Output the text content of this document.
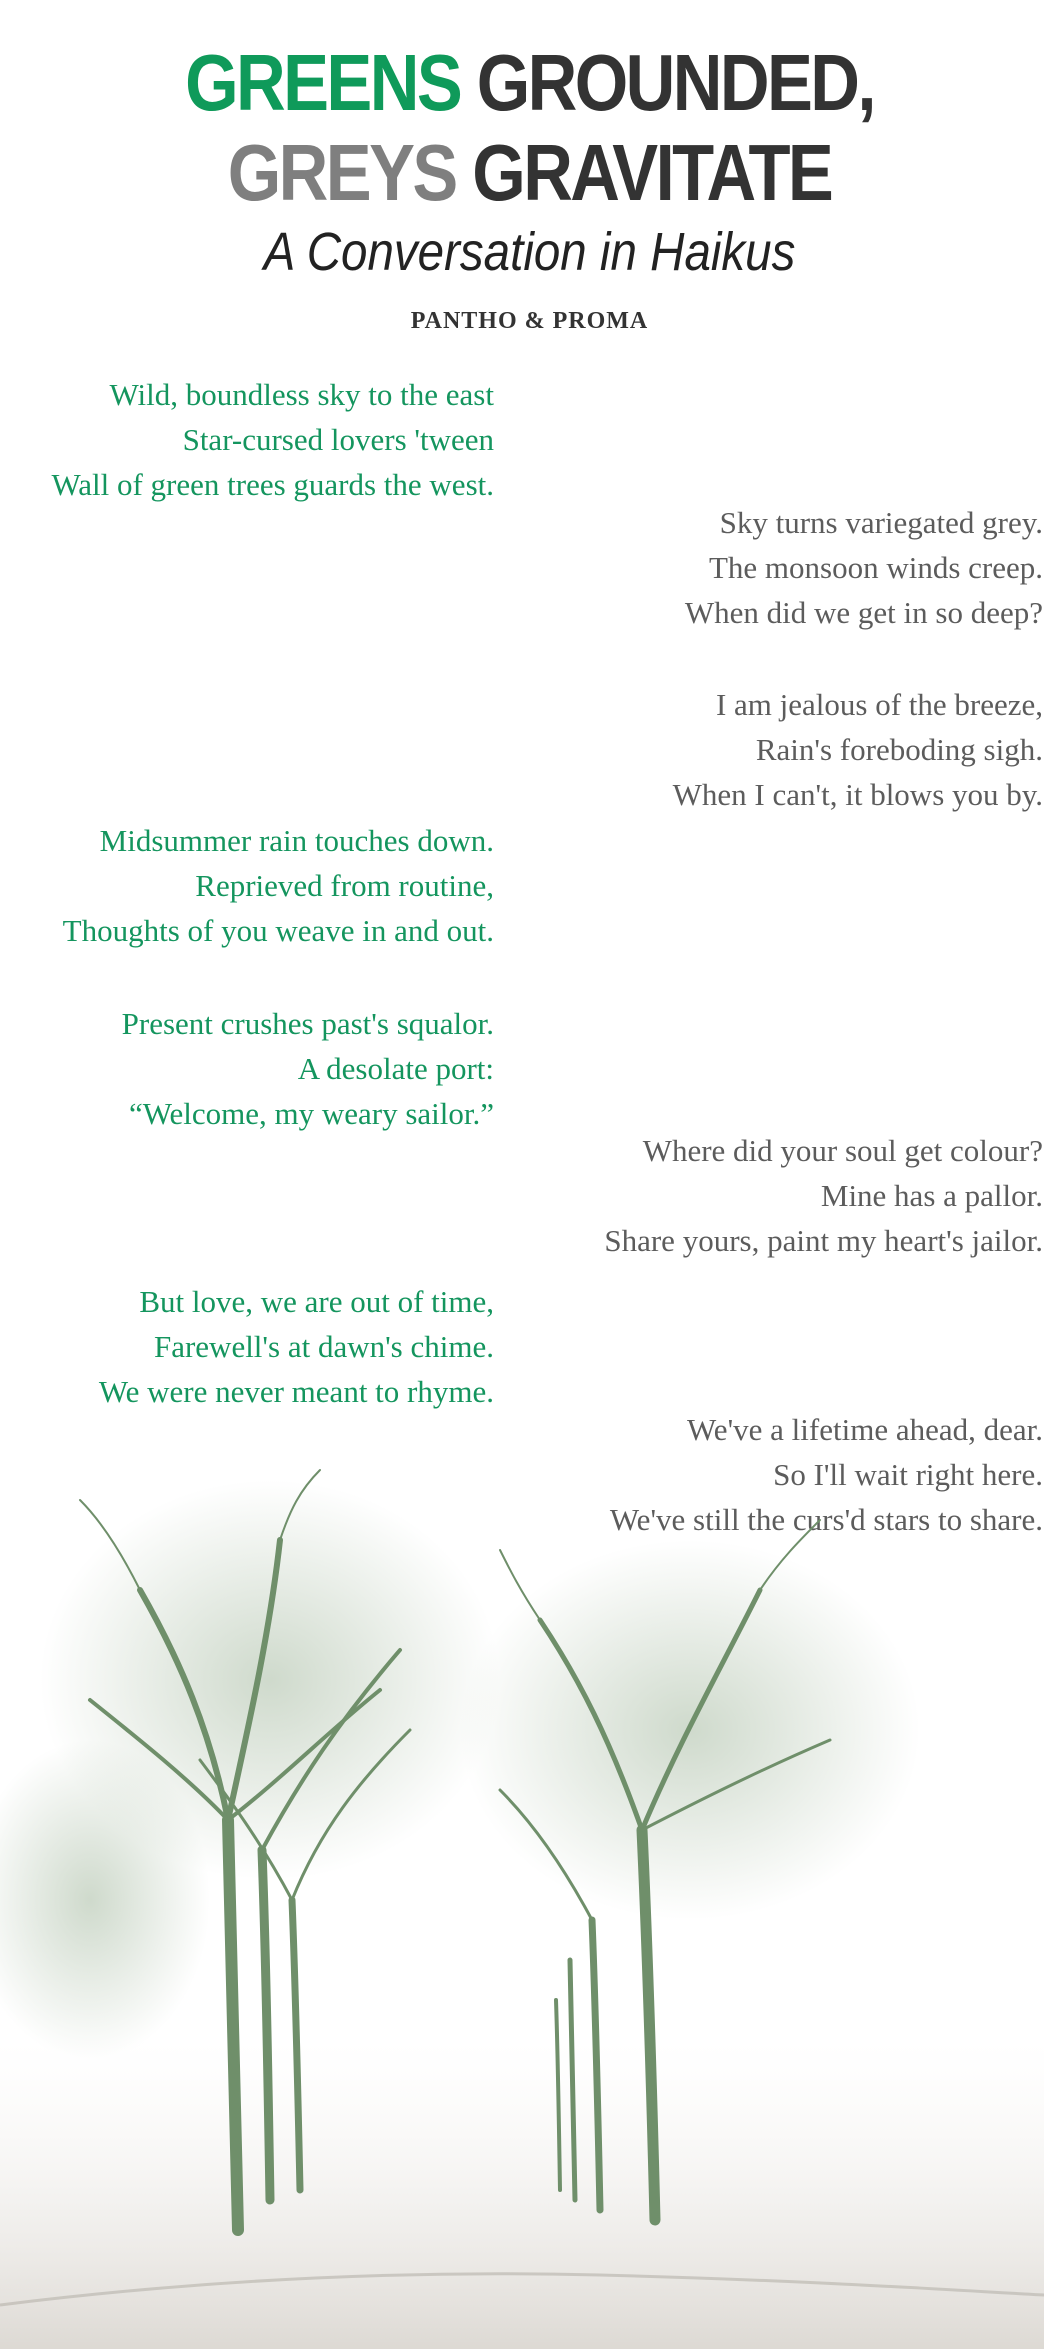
GREENS GROUNDED,
GREYS GRAVITATE
A Conversation in Haikus
PANTHO & PROMA
Wild, boundless sky to the east
Star-cursed lovers 'tween
Wall of green trees guards the west.
Sky turns variegated grey.
The monsoon winds creep.
When did we get in so deep?
I am jealous of the breeze,
Rain's foreboding sigh.
When I can't, it blows you by.
Midsummer rain touches down.
Reprieved from routine,
Thoughts of you weave in and out.
Present crushes past's squalor.
A desolate port:
“Welcome, my weary sailor.”
Where did your soul get colour?
Mine has a pallor.
Share yours, paint my heart's jailor.
But love, we are out of time,
Farewell's at dawn's chime.
We were never meant to rhyme.
We've a lifetime ahead, dear.
So I'll wait right here.
We've still the curs'd stars to share.
